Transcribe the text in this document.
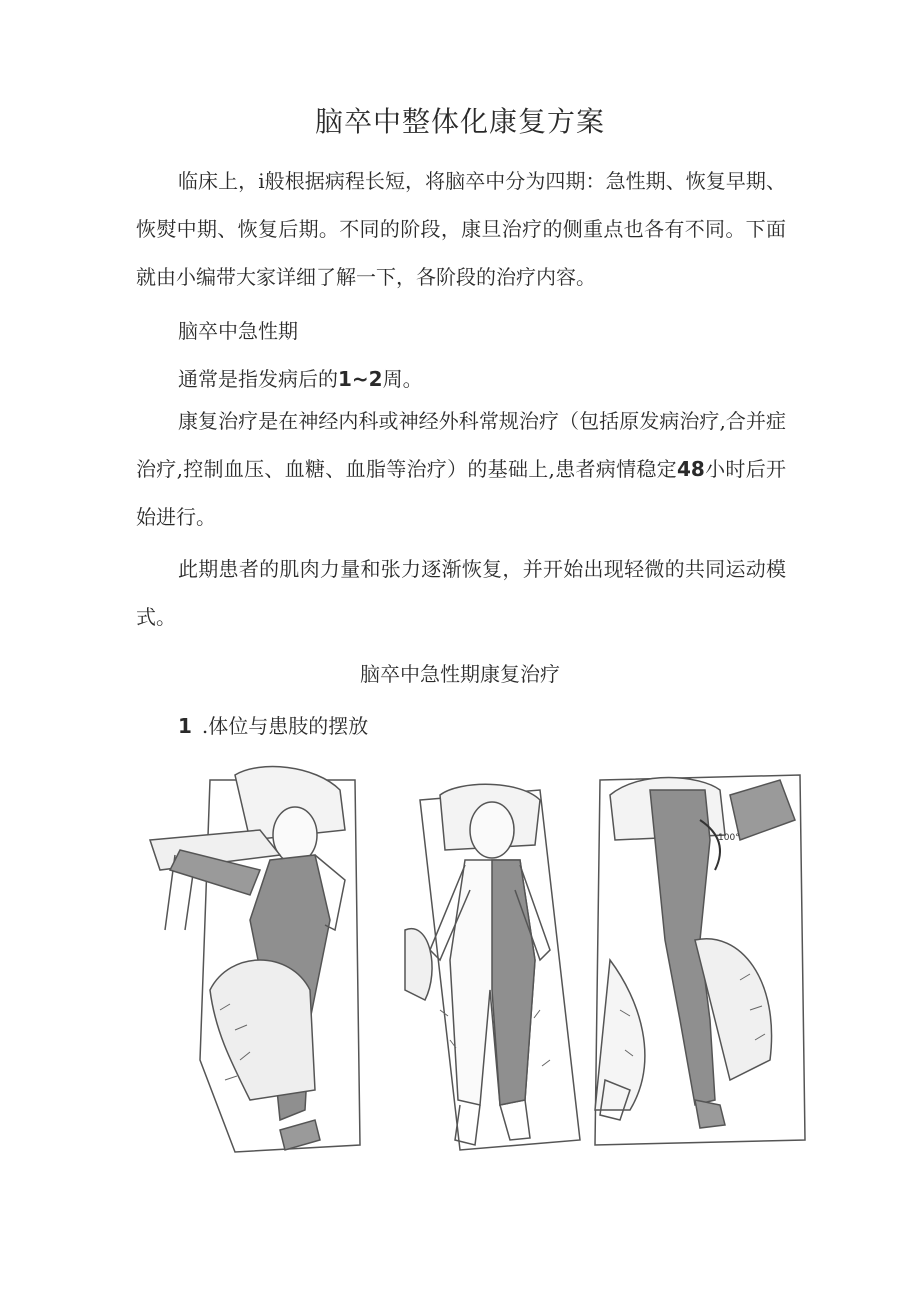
脑卒中整体化康复方案

临床上，i般根据病程长短，将脑卒中分为四期：急性期、恢复早期、恢熨中期、恢复后期。不同的阶段，康旦治疗的侧重点也各有不同。下面就由小编带大家详细了解一下，各阶段的治疗内容。

脑卒中急性期

通常是指发病后的1~2周。

康复治疗是在神经内科或神经外科常规治疗（包括原发病治疗,合并症治疗,控制血压、血糖、血脂等治疗）的基础上,患者病情稳定48小时后开始进行。

此期患者的肌肉力量和张力逐渐恢复，并开始出现轻微的共同运动模式。

脑卒中急性期康复治疗

1 .体位与患肢的摆放

100°
